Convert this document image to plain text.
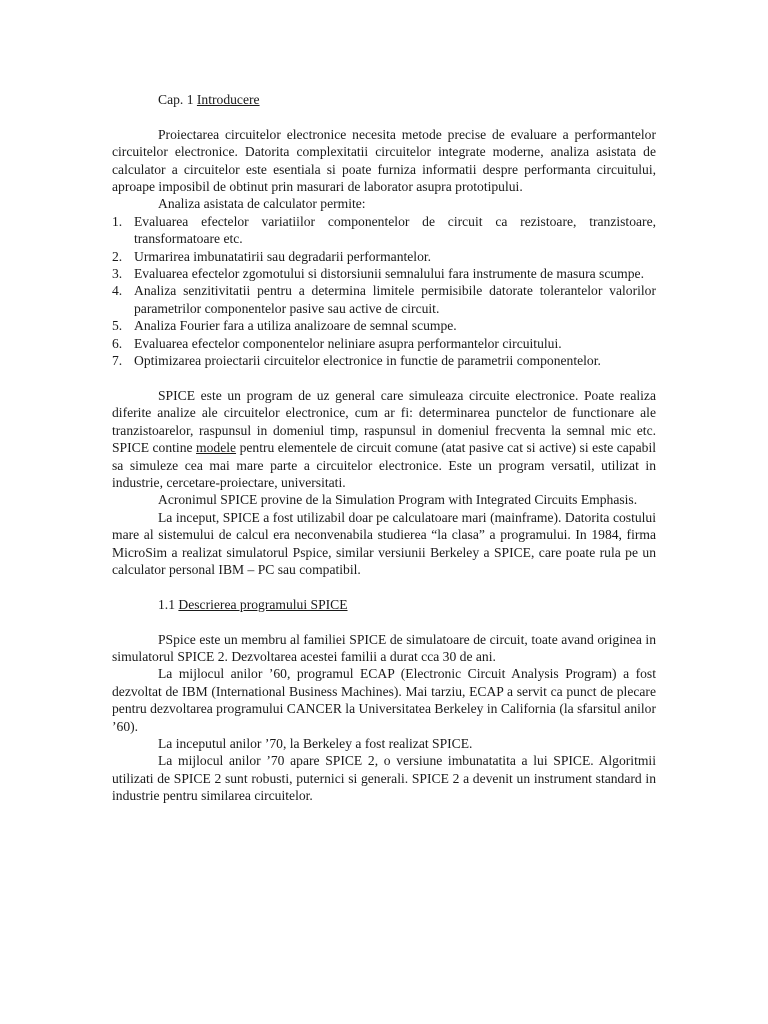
Cap. 1 Introducere

Proiectarea circuitelor electronice necesita metode precise de evaluare a performantelor circuitelor electronice. Datorita complexitatii circuitelor integrate moderne, analiza asistata de calculator a circuitelor este esentiala si poate furniza informatii despre performanta circuitului, aproape imposibil de obtinut prin masurari de laborator asupra prototipului.

Analiza asistata de calculator permite:

1. Evaluarea efectelor variatiilor componentelor de circuit ca rezistoare, tranzistoare, transformatoare etc.
2. Urmarirea imbunatatirii sau degradarii performantelor.
3. Evaluarea efectelor zgomotului si distorsiunii semnalului fara instrumente de masura scumpe.
4. Analiza senzitivitatii pentru a determina limitele permisibile datorate tolerantelor valorilor parametrilor componentelor pasive sau active de circuit.
5. Analiza Fourier fara a utiliza analizoare de semnal scumpe.
6. Evaluarea efectelor componentelor neliniare asupra performantelor circuitului.
7. Optimizarea proiectarii circuitelor electronice in functie de parametrii componentelor.

SPICE este un program de uz general care simuleaza circuite electronice. Poate realiza diferite analize ale circuitelor electronice, cum ar fi: determinarea punctelor de functionare ale tranzistoarelor, raspunsul in domeniul timp, raspunsul in domeniul frecventa la semnal mic etc. SPICE contine modele pentru elementele de circuit comune (atat pasive cat si active) si este capabil sa simuleze cea mai mare parte a circuitelor electronice. Este un program versatil, utilizat in industrie, cercetare-proiectare, universitati.

Acronimul SPICE provine de la Simulation Program with Integrated Circuits Emphasis.

La inceput, SPICE a fost utilizabil doar pe calculatoare mari (mainframe). Datorita costului mare al sistemului de calcul era neconvenabila studierea “la clasa” a programului. In 1984, firma MicroSim a realizat simulatorul Pspice, similar versiunii Berkeley a SPICE, care poate rula pe un calculator personal IBM – PC sau compatibil.

1.1 Descrierea programului SPICE

PSpice este un membru al familiei SPICE de simulatoare de circuit, toate avand originea in simulatorul SPICE 2. Dezvoltarea acestei familii a durat cca 30 de ani.

La mijlocul anilor ’60, programul ECAP (Electronic Circuit Analysis Program) a fost dezvoltat de IBM (International Business Machines). Mai tarziu, ECAP a servit ca punct de plecare pentru dezvoltarea programului CANCER la Universitatea Berkeley in California (la sfarsitul anilor ’60).

La inceputul anilor ’70, la Berkeley a fost realizat SPICE.

La mijlocul anilor ’70 apare SPICE 2, o versiune imbunatatita a lui SPICE. Algoritmii utilizati de SPICE 2 sunt robusti, puternici si generali. SPICE 2 a devenit un instrument standard in industrie pentru similarea circuitelor.
